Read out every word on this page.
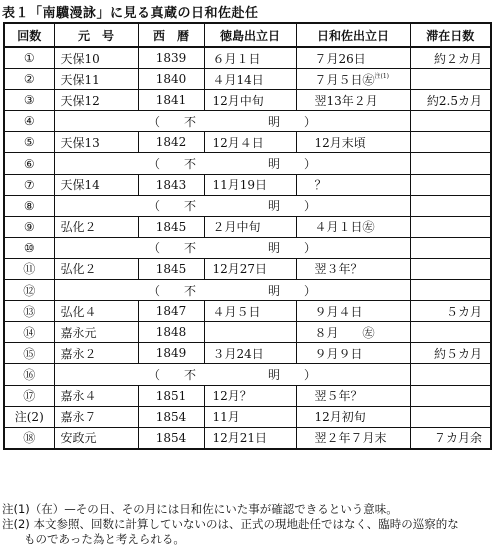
表１「南驥漫詠」に見る真蔵の日和佐赴任
回数	元　号	西　暦	徳島出立日	日和佐出立日	滞在日数
①	天保10	1839	６月１日	７月26日	約２カ月
②	天保11	1840	４月14日	７月５日㊧$^{注(1)}$	
③	天保12	1841	12月中旬	翌13年２月	約2.5カ月
④	（　　不　　　　　　明　　）				
⑤	天保13	1842	12月４日	12月末頃	
⑥	（　　不　　　　　　明　　）				
⑦	天保14	1843	11月19日	？	
⑧	（　　不　　　　　　明　　）				
⑨	弘化２	1845	２月中旬	４月１日㊧	
⑩	（　　不　　　　　　明　　）				
⑪	弘化２	1845	12月27日	翌３年？	
⑫	（　　不　　　　　　明　　）				
⑬	弘化４	1847	４月５日	９月４日	５カ月
⑭	嘉永元	1848		８月　　㊧	
⑮	嘉永２	1849	３月24日	９月９日	約５カ月
⑯	（　　不　　　　　　明　　）				
⑰	嘉永４	1851	12月？	翌５年？	
注(2)	嘉永７	1854	11月	12月初旬	
⑱	安政元	1854	12月21日	翌２年７月末	７カ月余
注(1)（在）—その日、その月には日和佐にいた事が確認できるという意味。
注(2) 本文参照、回数に計算していないのは、正式の現地赴任ではなく、臨時の巡察的な
ものであった為と考えられる。
